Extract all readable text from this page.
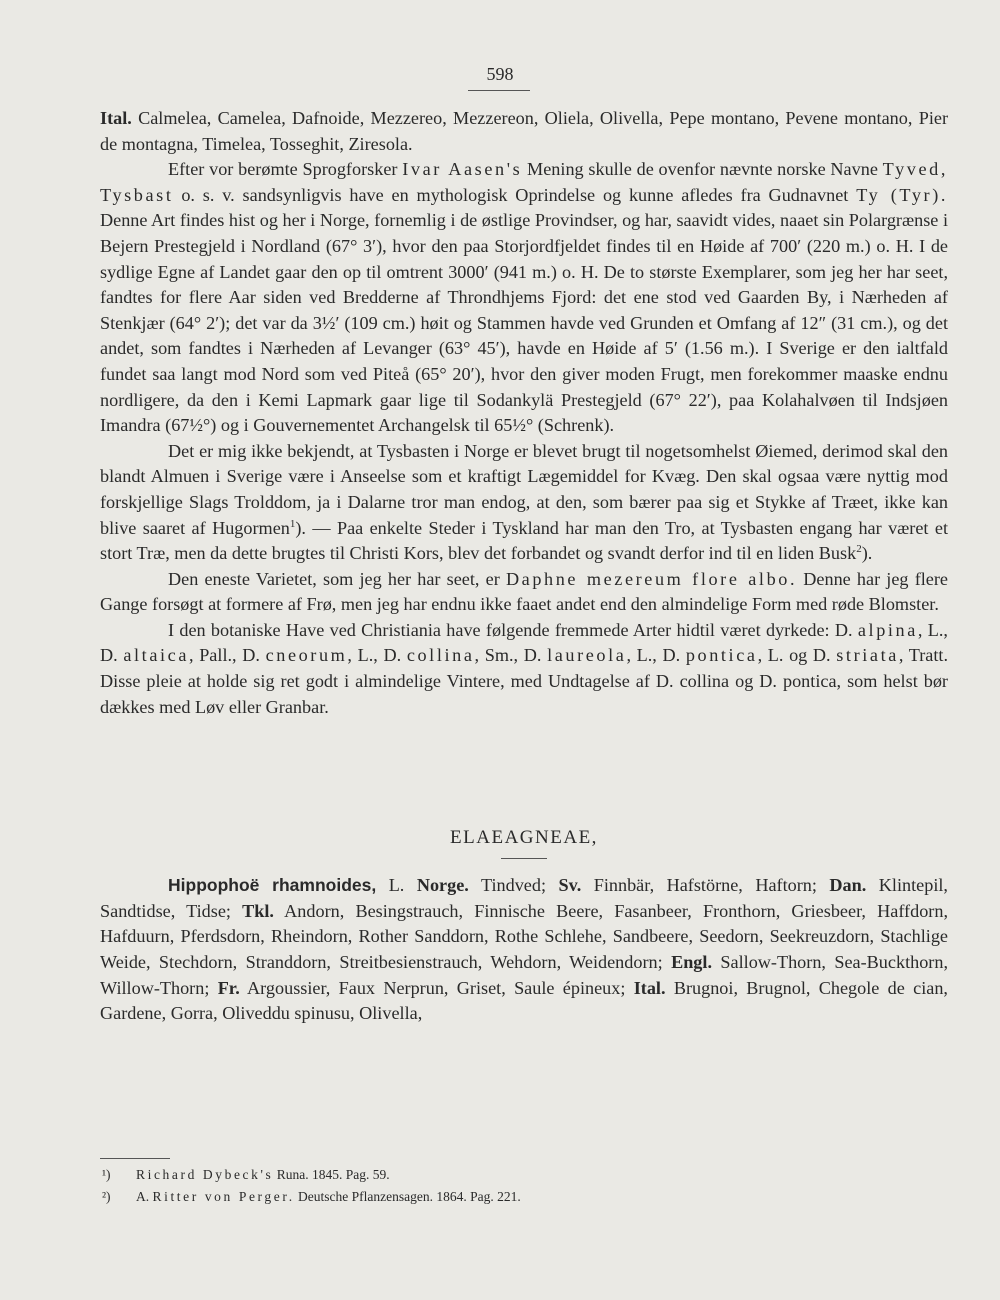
598

Ital. Calmelea, Camelea, Dafnoide, Mezzereo, Mezzereon, Oliela, Olivella, Pepe montano, Pevene montano, Pier de montagna, Timelea, Tosseghit, Ziresola.

Efter vor berømte Sprogforsker Ivar Aasen's Mening skulle de ovenfor nævnte norske Navne Tyved, Tysbast o. s. v. sandsynligvis have en mythologisk Oprindelse og kunne afledes fra Gudnavnet Ty (Tyr). Denne Art findes hist og her i Norge, fornemlig i de østlige Provindser, og har, saavidt vides, naaet sin Polargrænse i Bejern Prestegjeld i Nordland (67° 3′), hvor den paa Storjordfjeldet findes til en Høide af 700′ (220 m.) o. H. I de sydlige Egne af Landet gaar den op til omtrent 3000′ (941 m.) o. H. De to største Exemplarer, som jeg her har seet, fandtes for flere Aar siden ved Bredderne af Throndhjems Fjord: det ene stod ved Gaarden By, i Nærheden af Stenkjær (64° 2′); det var da 3½′ (109 cm.) høit og Stammen havde ved Grunden et Omfang af 12″ (31 cm.), og det andet, som fandtes i Nærheden af Levanger (63° 45′), havde en Høide af 5′ (1.56 m.). I Sverige er den ialtfald fundet saa langt mod Nord som ved Piteå (65° 20′), hvor den giver moden Frugt, men forekommer maaske endnu nordligere, da den i Kemi Lapmark gaar lige til Sodankylä Prestegjeld (67° 22′), paa Kolahalvøen til Indsjøen Imandra (67½°) og i Gouvernementet Archangelsk til 65½° (Schrenk).

Det er mig ikke bekjendt, at Tysbasten i Norge er blevet brugt til nogetsomhelst Øiemed, derimod skal den blandt Almuen i Sverige være i Anseelse som et kraftigt Lægemiddel for Kvæg. Den skal ogsaa være nyttig mod forskjellige Slags Trolddom, ja i Dalarne tror man endog, at den, som bærer paa sig et Stykke af Træet, ikke kan blive saaret af Hugormen$^1$). — Paa enkelte Steder i Tyskland har man den Tro, at Tysbasten engang har været et stort Træ, men da dette brugtes til Christi Kors, blev det forbandet og svandt derfor ind til en liden Busk$^2$).

Den eneste Varietet, som jeg her har seet, er Daphne mezereum flore albo. Denne har jeg flere Gange forsøgt at formere af Frø, men jeg har endnu ikke faaet andet end den almindelige Form med røde Blomster.

I den botaniske Have ved Christiania have følgende fremmede Arter hidtil været dyrkede: D. alpina, L., D. altaica, Pall., D. cneorum, L., D. collina, Sm., D. laureola, L., D. pontica, L. og D. striata, Tratt. Disse pleie at holde sig ret godt i almindelige Vintere, med Undtagelse af D. collina og D. pontica, som helst bør dækkes med Løv eller Granbar.

ELAEAGNEAE,

Hippophoë rhamnoides, L. Norge. Tindved; Sv. Finnbär, Hafstörne, Haftorn; Dan. Klintepil, Sandtidse, Tidse; Tkl. Andorn, Besingstrauch, Finnische Beere, Fasanbeer, Fronthorn, Griesbeer, Haffdorn, Hafduurn, Pferdsdorn, Rheindorn, Rother Sanddorn, Rothe Schlehe, Sandbeere, Seedorn, Seekreuzdorn, Stachlige Weide, Stechdorn, Stranddorn, Streitbesienstrauch, Wehdorn, Weidendorn; Engl. Sallow-Thorn, Sea-Buckthorn, Willow-Thorn; Fr. Argoussier, Faux Nerprun, Griset, Saule épineux; Ital. Brugnoi, Brugnol, Chegole de cian, Gardene, Gorra, Oliveddu spinusu, Olivella,

¹) Richard Dybeck's Runa. 1845. Pag. 59.
²) A. Ritter von Perger. Deutsche Pflanzensagen. 1864. Pag. 221.
